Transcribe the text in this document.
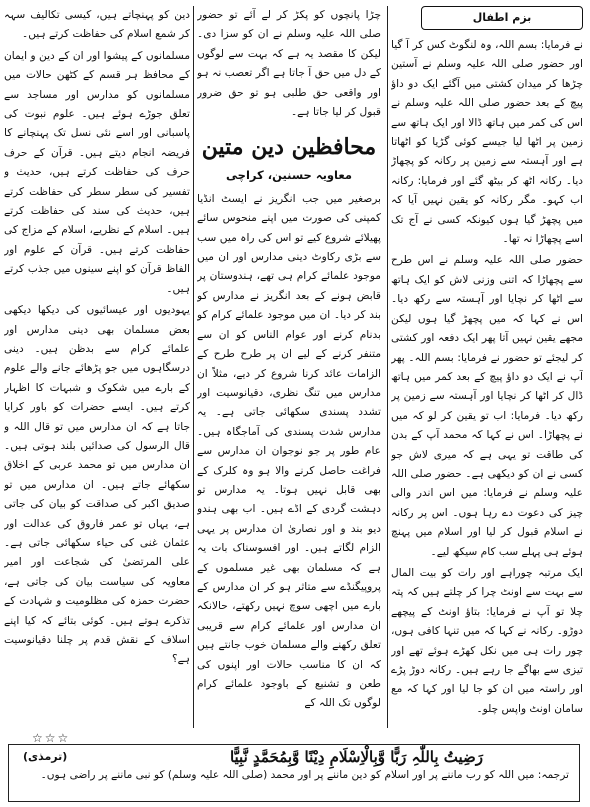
بزم اطفال

نے فرمایا: بسم اللہ، وہ لنگوٹ کس کر آ گیا اور حضور صلی اللہ علیہ وسلم نے آستین چڑھا کر میدان کشتی میں آگئے ایک دو داؤ پیچ کے بعد حضور صلی اللہ علیہ وسلم نے اس کی کمر میں ہاتھ ڈالا اور ایک ہاتھ سے زمین پر اٹھا لیا جیسے کوئی گڑیا کو اٹھاتا ہے اور آہستہ سے زمین پر رکانہ کو پچھاڑ دیا۔ رکانہ اٹھ کر بیٹھ گئے اور فرمایا: رکانہ اب کہو۔ مگر رکانہ کو یقین نہیں آیا کہ میں پچھڑ گیا ہوں کیونکہ کسی نے آج تک اسے پچھاڑا نہ تھا۔

حضور صلی اللہ علیہ وسلم نے اس طرح سے پچھاڑا کہ اتنی وزنی لاش کو ایک ہاتھ سے اٹھا کر نچایا اور آہستہ سے رکھ دیا۔ اس نے کہا کہ میں پچھڑ گیا ہوں لیکن مجھے یقین نہیں آتا پھر ایک دفعہ اور کشتی کر لیجئے تو حضور نے فرمایا: بسم اللہ۔ پھر آپ نے ایک دو داؤ پیچ کے بعد کمر میں ہاتھ ڈال کر اٹھا کر نچایا اور آہستہ سے زمین پر رکھ دیا۔ فرمایا: اب تو یقین کر لو کہ میں نے پچھاڑا۔ اس نے کہا کہ محمد آپ کے بدن کی طاقت تو یہی ہے کہ میری لاش جو کسی نے ان کو دیکھی ہے۔ حضور صلی اللہ علیہ وسلم نے فرمایا: میں اس اندر والی چیز کی دعوت دے رہا ہوں۔ اس پر رکانہ نے اسلام قبول کر لیا اور اسلام میں پہنچ ہوئے ہی پہلے سب کام سیکھ لیے۔

ایک مرتبہ چوراہے اور رات کو بیت المال سے بہت سے اونٹ چرا کر چلتے ہیں کہ پتہ چلا تو آپ نے فرمایا: بتاؤ اونٹ کے پیچھے دوڑو۔ رکانہ نے کہا کہ میں تنہا کافی ہوں، چور رات ہی میں نکل کھڑے ہوئے تھے اور تیزی سے بھاگے جا رہے ہیں۔ رکانہ دوڑ پڑے اور راستہ میں ان کو جا لیا اور کہا کہ مع سامان اونٹ واپس چلو۔

چڑا پانچوں کو پکڑ کر لے آئے تو حضور صلی اللہ علیہ وسلم نے ان کو سزا دی۔ لیکن کا مقصد یہ ہے کہ بہت سے لوگوں کے دل میں حق آ جاتا ہے اگر تعصب نہ ہو اور واقعی حق طلبی ہو تو حق ضرور قبول کر لیا جاتا ہے۔

محافظین دین متین
معاویہ حسنین، کراچی

برصغیر میں جب انگریز نے ایسٹ انڈیا کمپنی کی صورت میں اپنے منحوس سائے پھیلائے شروع کیے تو اس کی راہ میں سب سے بڑی رکاوٹ دینی مدارس اور ان میں موجود علمائے کرام ہی تھے، ہندوستان پر قابض ہونے کے بعد انگریز نے مدارس کو بند کر دیا۔ ان میں موجود علمائے کرام کو بدنام کرنے اور عوام الناس کو ان سے متنفر کرنے کے لیے ان پر طرح طرح کے الزامات عائد کرنا شروع کر دیے، مثلاً ان مدارس میں تنگ نظری، دقیانوسیت اور تشدد پسندی سکھائی جاتی ہے۔ یہ مدارس شدت پسندی کی آماجگاہ ہیں۔ عام طور پر جو نوجوان ان مدارس سے فراغت حاصل کرنے والا ہو وہ کلرک کے بھی قابل نہیں ہوتا۔ یہ مدارس تو دہشت گردی کے اڈے ہیں۔ اب بھی ہندو دیو بند و اور نصاریٰ ان مدارس پر یہی الزام لگاتے ہیں۔ اور افسوسناک بات یہ ہے کہ مسلمان بھی غیر مسلموں کے پروپیگنڈے سے متاثر ہو کر ان مدارس کے بارے میں اچھی سوچ نہیں رکھتے، حالانکہ ان مدارس اور علمائے کرام سے قریبی تعلق رکھنے والے مسلمان خوب جانتے ہیں کہ ان کا مناسب حالات اور اپنوں کی طعن و تشنیع کے باوجود علمائے کرام لوگوں تک اللہ کے

دین کو پہنچاتے ہیں، کیسی تکالیف سہہ کر شمع اسلام کی حفاظت کرتے ہیں۔

مسلمانوں کے پیشوا اور ان کے دین و ایمان کے محافظ ہر قسم کے کٹھن حالات میں مسلمانوں کو مدارس اور مساجد سے تعلق جوڑے ہوئے ہیں۔ علوم نبوت کی پاسبانی اور اسے نئی نسل تک پہنچانے کا فریضہ انجام دیتے ہیں۔ قرآن کے حرف حرف کی حفاظت کرتے ہیں، حدیث و تفسیر کی سطر سطر کی حفاظت کرتے ہیں، حدیث کی سند کی حفاظت کرتے ہیں۔ اسلام کے نظریے، اسلام کے مزاج کی حفاظت کرتے ہیں۔ قرآن کے علوم اور الفاظ قرآن کو اپنے سینوں میں جذب کرتے ہیں۔

یہودیوں اور عیسائیوں کی دیکھا دیکھی بعض مسلمان بھی دینی مدارس اور علمائے کرام سے بدظن ہیں۔ دینی درسگاہوں میں جو پڑھائے جانے والے علوم کے بارے میں شکوک و شبہات کا اظہار کرتے ہیں۔ ایسے حضرات کو باور کرایا جاتا ہے کہ ان مدارس میں تو قال اللہ و قال الرسول کی صدائیں بلند ہوتی ہیں۔ ان مدارس میں تو محمد عربی کے اخلاق سکھائے جاتے ہیں۔ ان مدارس میں تو صدیق اکبر کی صداقت کو بیان کی جاتی ہے، یہاں تو عمر فاروق کی عدالت اور عثمان غنی کی حیاء سکھائی جاتی ہے۔ علی المرتضیٰ کی شجاعت اور امیر معاویہ کی سیاست بیان کی جاتی ہے، حضرت حمزہ کی مظلومیت و شہادت کے تذکرے ہوتے ہیں۔ کوئی بتائے کہ کیا اپنے اسلاف کے نقش قدم پر چلنا دقیانوسیت ہے؟

☆☆☆
رَضِیتُ بِاللّٰہِ رَبًّا وَّبِالْاِسْلَامِ دِیْنًا وَّبِمُحَمَّدٍ نَّبِیًّا
(ترمذی)
ترجمہ: میں اللہ کو رب ماننے پر اور اسلام کو دین ماننے پر اور محمد (صلی اللہ علیہ وسلم) کو نبی ماننے پر راضی ہوں۔
